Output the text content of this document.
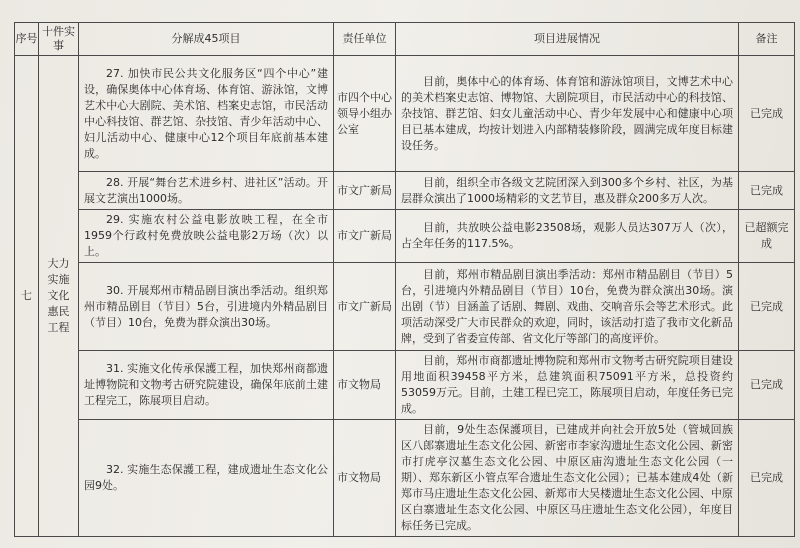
序号	十件实事	分解成45项目	责任单位	项目进展情况	备注
七	大力实施文化惠民工程	27. 加快市民公共文化服务区“四个中心”建设，确保奥体中心体育场、体育馆、游泳馆，文博艺术中心大剧院、美术馆、档案史志馆，市民活动中心科技馆、群艺馆、杂技馆、青少年活动中心、妇儿活动中心、健康中心12个项目年底前基本建成。	市四个中心领导小组办公室	目前，奥体中心的体育场、体育馆和游泳馆项目，文博艺术中心的美术档案史志馆、博物馆、大剧院项目，市民活动中心的科技馆、杂技馆、群艺馆、妇女儿童活动中心、青少年发展中心和健康中心项目已基本建成，均按计划进入内部精装修阶段，圆满完成年度目标建设任务。	已完成
		28. 开展“舞台艺术进乡村、进社区”活动。开展文艺演出1000场。	市文广新局	目前，组织全市各级文艺院团深入到300多个乡村、社区，为基层群众演出了1000场精彩的文艺节目，惠及群众200多万人次。	已完成
		29. 实施农村公益电影放映工程，在全市1959个行政村免费放映公益电影2万场（次）以上。	市文广新局	目前，共放映公益电影23508场，观影人员达307万人（次），占全年任务的117.5%。	已超额完成
		30. 开展郑州市精品剧目演出季活动。组织郑州市精品剧目（节目）5台，引进境内外精品剧目（节目）10台，免费为群众演出30场。	市文广新局	目前，郑州市精品剧目演出季活动：郑州市精品剧目（节目）5台，引进境内外精品剧目（节目）10台，免费为群众演出30场。演出剧（节）目涵盖了话剧、舞剧、戏曲、交响音乐会等艺术形式。此项活动深受广大市民群众的欢迎，同时，该活动打造了我市文化新品牌，受到了省委宣传部、省文化厅等部门的高度评价。	已完成
		31. 实施文化传承保護工程，加快郑州商都遗址博物院和文物考古研究院建设，确保年底前土建工程完工，陈展项目启动。	市文物局	目前，郑州市商都遗址博物院和郑州市文物考古研究院项目建设用地面积39458平方米，总建筑面积75091平方米，总投资约53059万元。目前，土建工程已完工，陈展项目启动，年度任务已完成。	已完成
		32. 实施生态保護工程，建成遗址生态文化公园9处。	市文物局	目前，9处生态保護项目，已建成并向社会开放5处（管城回族区八郎寨遗址生态文化公园、新密市李家沟遗址生态文化公园、新密市打虎亭汉墓生态文化公园、中原区庙沟遗址生态文化公园（一期）、郑东新区小管点军合遗址生态文化公园）；已基本建成4处（新郑市马庄遗址生态文化公园、新郑市大吴楼遗址生态文化公园、中原区白寨遗址生态文化公园、中原区马庄遗址生态文化公园），年度目标任务已完成。	已完成
